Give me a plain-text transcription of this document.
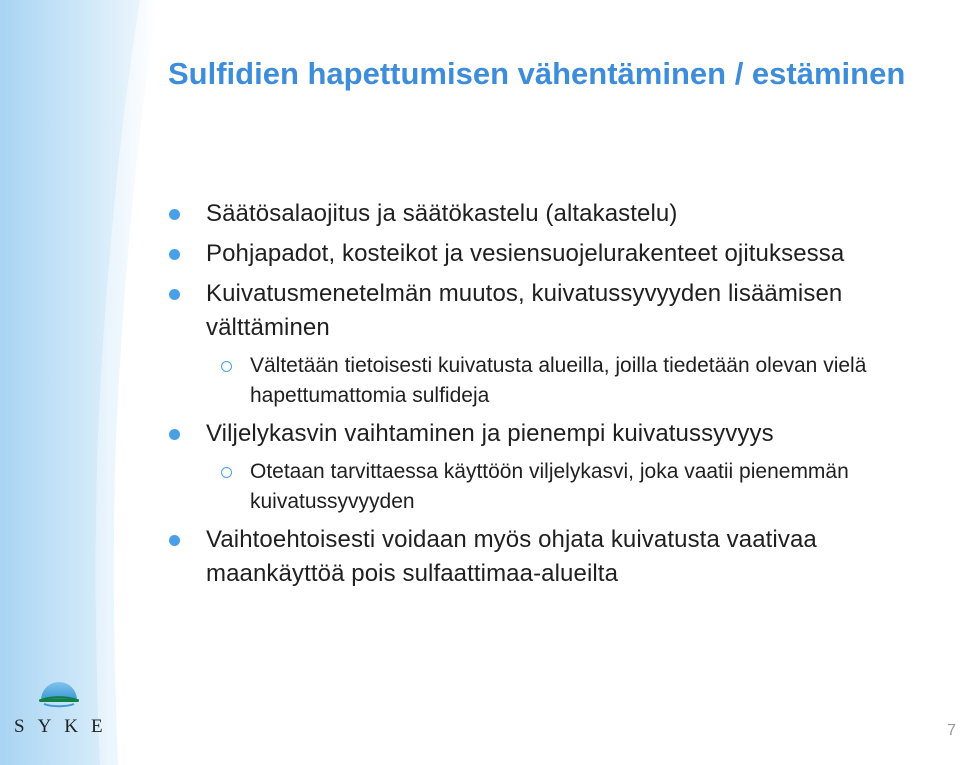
Sulfidien hapettumisen vähentäminen / estäminen
Säätösalaojitus ja säätökastelu (altakastelu)
Pohjapadot, kosteikot ja vesiensuojelurakenteet ojituksessa
Kuivatusmenetelmän muutos, kuivatussyvyyden lisäämisen välttäminen
Vältetään tietoisesti kuivatusta alueilla, joilla tiedetään olevan vielä hapettumattomia sulfideja
Viljelykasvin vaihtaminen ja pienempi kuivatussyvyys
Otetaan tarvittaessa käyttöön viljelykasvi, joka vaatii pienemmän kuivatussyvyyden
Vaihtoehtoisesti voidaan myös ohjata kuivatusta vaativaa maankäyttöä pois sulfaattimaa-alueilta
SYKE	7
